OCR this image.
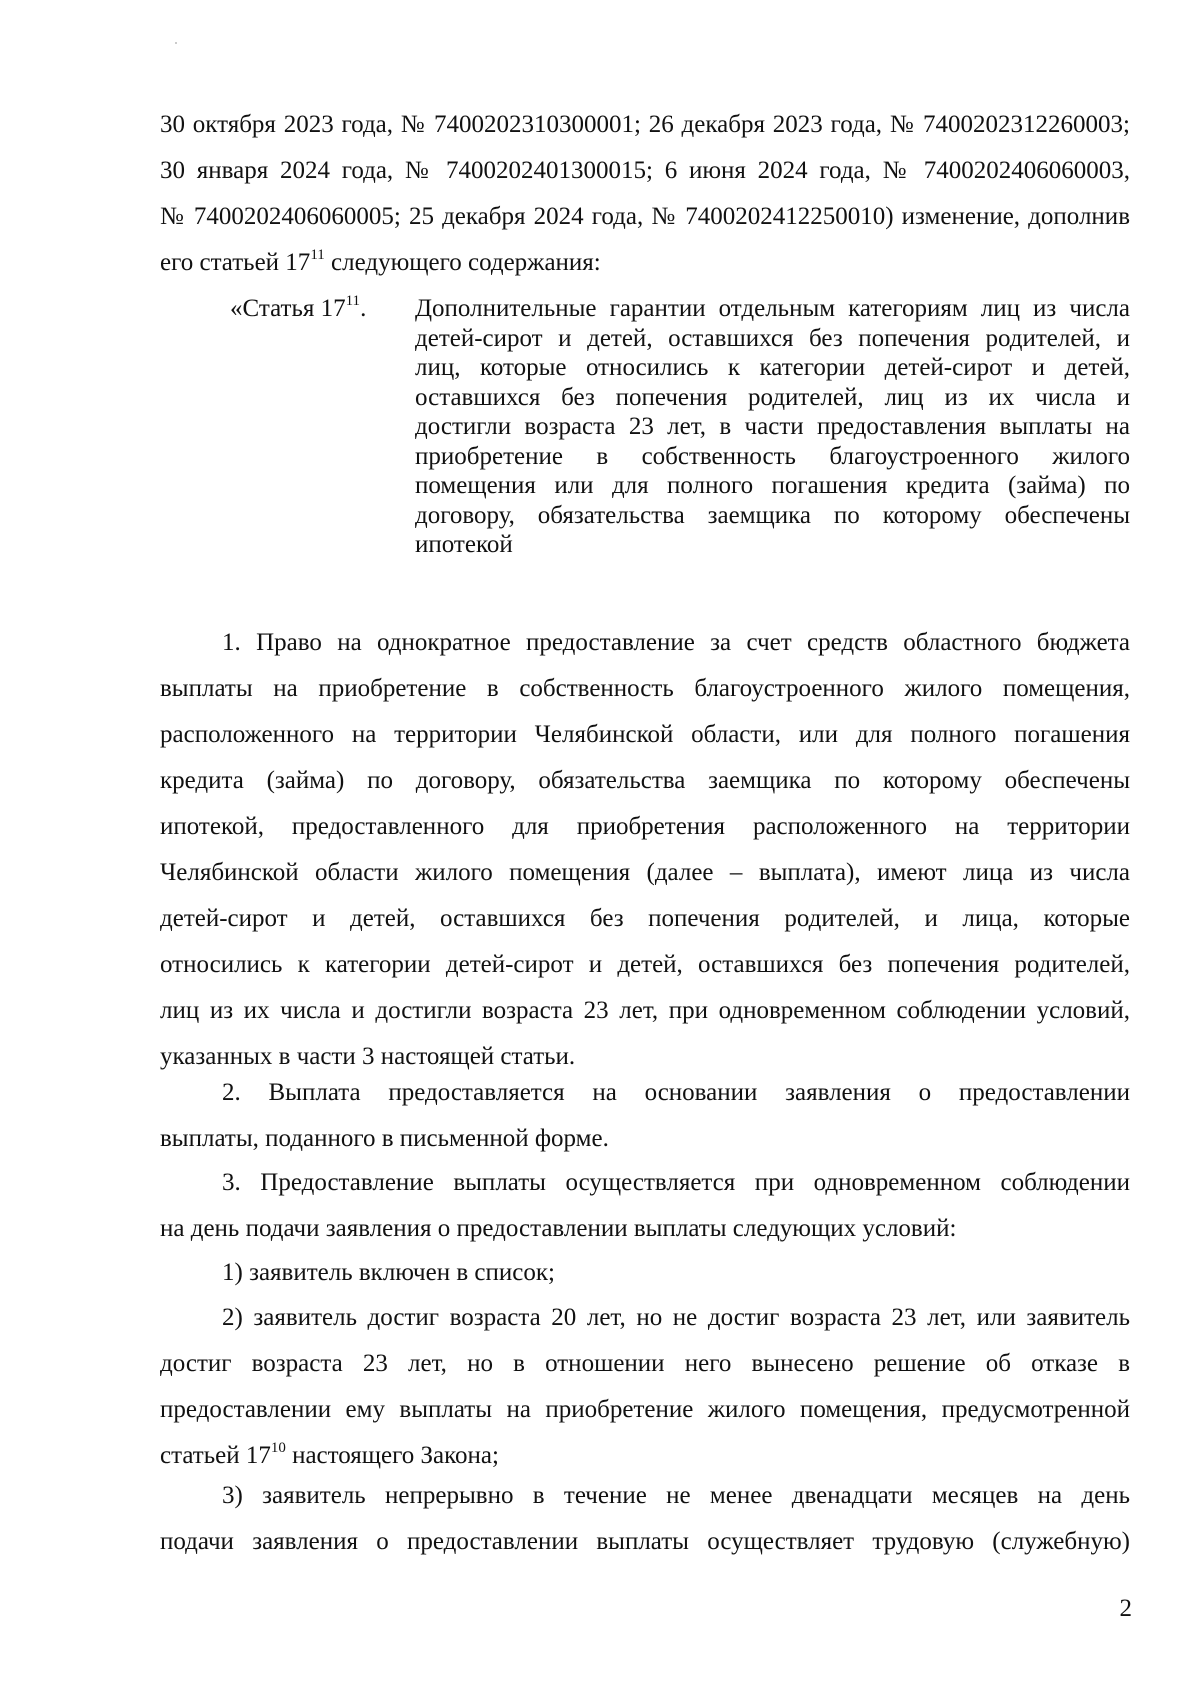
30 октября 2023 года, № 7400202310300001; 26 декабря 2023 года, № 7400202312260003;
30 января 2024 года, № 7400202401300015; 6 июня 2024 года, № 7400202406060003,
№ 7400202406060005; 25 декабря 2024 года, № 7400202412250010) изменение, дополнив
его статьей $17^{11}$ следующего содержания:
«Статья $17^{11}$. Дополнительные гарантии отдельным категориям лиц из числа
детей-сирот и детей, оставшихся без попечения родителей, и
лиц, которые относились к категории детей-сирот и детей,
оставшихся без попечения родителей, лиц из их числа и
достигли возраста 23 лет, в части предоставления выплаты на
приобретение в собственность благоустроенного жилого
помещения или для полного погашения кредита (займа) по
договору, обязательства заемщика по которому обеспечены
ипотекой
1. Право на однократное предоставление за счет средств областного бюджета
выплаты на приобретение в собственность благоустроенного жилого помещения,
расположенного на территории Челябинской области, или для полного погашения
кредита (займа) по договору, обязательства заемщика по которому обеспечены
ипотекой, предоставленного для приобретения расположенного на территории
Челябинской области жилого помещения (далее – выплата), имеют лица из числа
детей-сирот и детей, оставшихся без попечения родителей, и лица, которые
относились к категории детей-сирот и детей, оставшихся без попечения родителей,
лиц из их числа и достигли возраста 23 лет, при одновременном соблюдении условий,
указанных в части 3 настоящей статьи.
2. Выплата предоставляется на основании заявления о предоставлении
выплаты, поданного в письменной форме.
3. Предоставление выплаты осуществляется при одновременном соблюдении
на день подачи заявления о предоставлении выплаты следующих условий:
1) заявитель включен в список;
2) заявитель достиг возраста 20 лет, но не достиг возраста 23 лет, или заявитель
достиг возраста 23 лет, но в отношении него вынесено решение об отказе в
предоставлении ему выплаты на приобретение жилого помещения, предусмотренной
статьей $17^{10}$ настоящего Закона;
3) заявитель непрерывно в течение не менее двенадцати месяцев на день
подачи заявления о предоставлении выплаты осуществляет трудовую (служебную)
2
